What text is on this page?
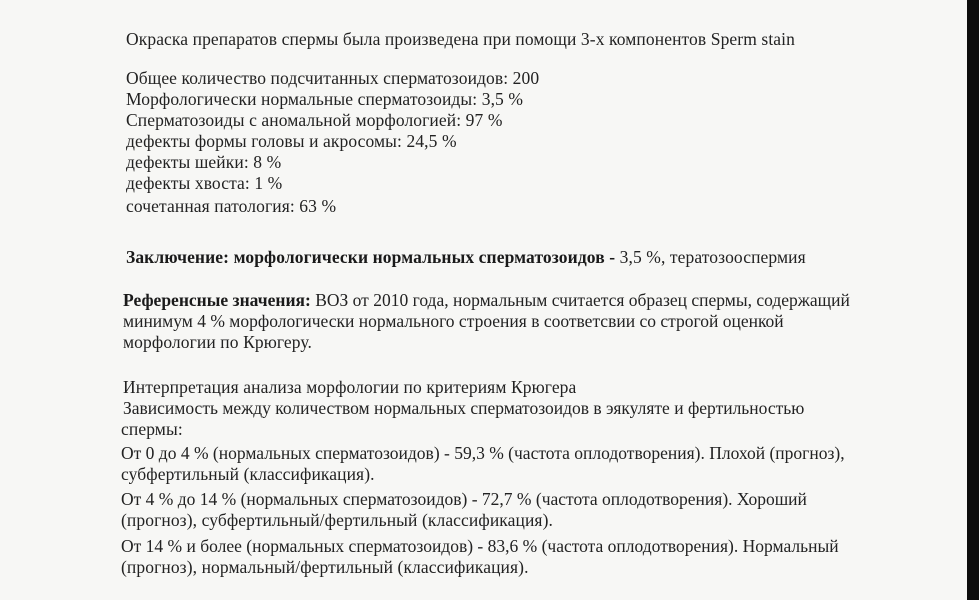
Окраска препаратов спермы была произведена при помощи 3-х компонентов Sperm stain

Общее количество подсчитанных сперматозоидов: 200

Морфологически нормальные сперматозоиды: 3,5 %

Сперматозоиды с аномальной морфологией: 97 %

дефекты формы головы и акросомы: 24,5 %

дефекты шейки: 8 %

дефекты хвоста: 1 %

сочетанная патология: 63 %

Заключение: морфологически нормальных сперматозоидов - 3,5 %, тератозооспермия

Референсные значения: ВОЗ от 2010 года, нормальным считается образец спермы, содержащий

минимум 4 % морфологически нормального строения в соответсвии со строгой оценкой

морфологии по Крюгеру.

Интерпретация анализа морфологии по критериям Крюгера

Зависимость между количеством нормальных сперматозоидов в эякуляте и фертильностью

спермы:

От 0 до 4 % (нормальных сперматозоидов) - 59,3 % (частота оплодотворения). Плохой (прогноз),

субфертильный (классификация).

От 4 % до 14 % (нормальных сперматозоидов) - 72,7 % (частота оплодотворения). Хороший

(прогноз), субфертильный/фертильный (классификация).

От 14 % и более (нормальных сперматозоидов) - 83,6 % (частота оплодотворения). Нормальный

(прогноз), нормальный/фертильный (классификация).
